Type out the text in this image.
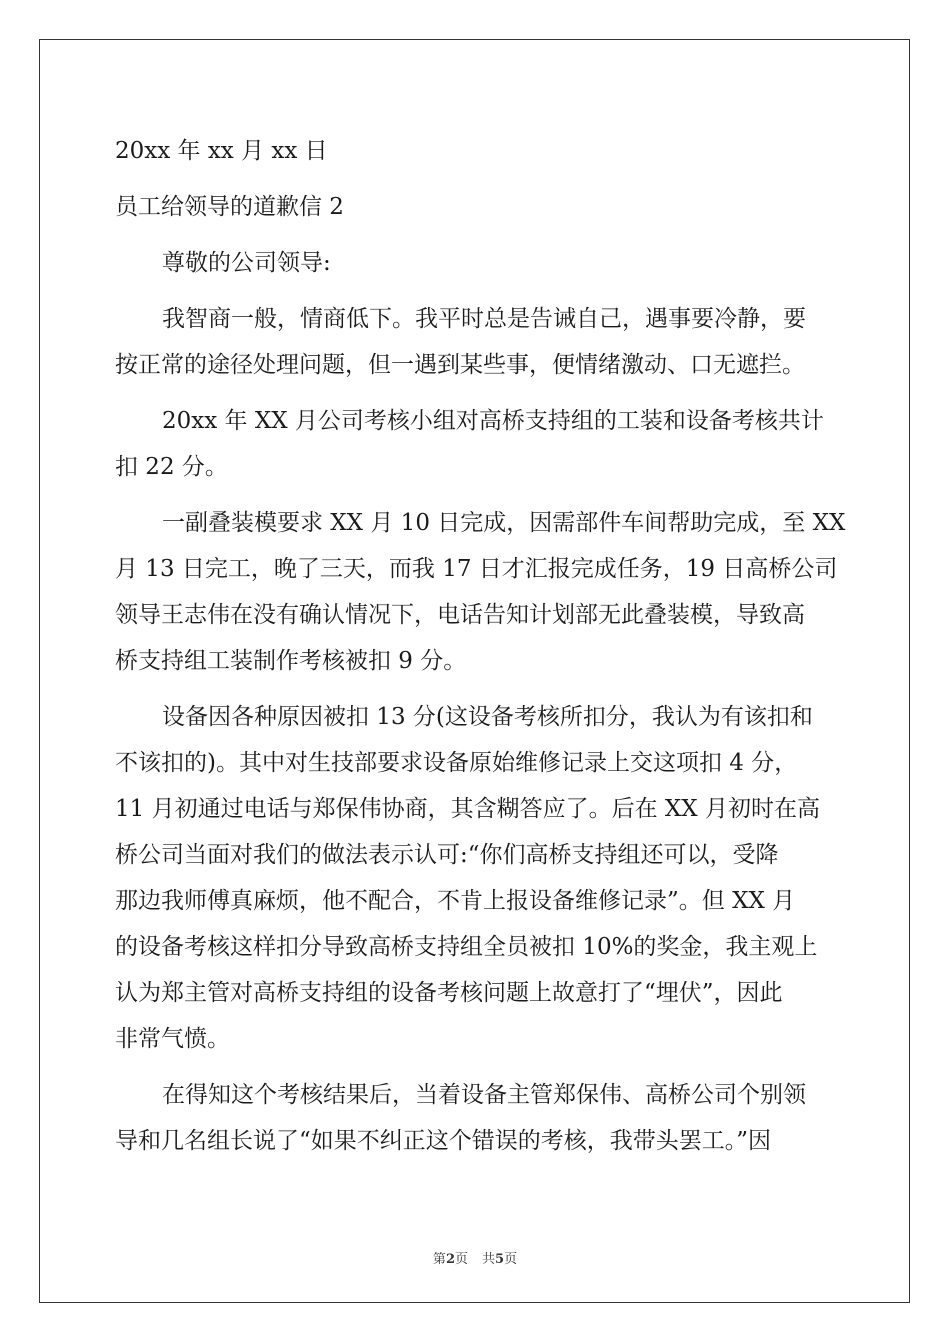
20xx 年 xx 月 xx 日

员工给领导的道歉信 2

尊敬的公司领导:

我智商一般，情商低下。我平时总是告诫自己，遇事要冷静，要
按正常的途径处理问题，但一遇到某些事，便情绪激动、口无遮拦。
20xx 年 XX 月公司考核小组对高桥支持组的工装和设备考核共计
扣 22 分。
一副叠装模要求 XX 月 10 日完成，因需部件车间帮助完成，至 XX
月 13 日完工，晚了三天，而我 17 日才汇报完成任务，19 日高桥公司
领导王志伟在没有确认情况下，电话告知计划部无此叠装模，导致高
桥支持组工装制作考核被扣 9 分。
设备因各种原因被扣 13 分(这设备考核所扣分，我认为有该扣和
不该扣的)。其中对生技部要求设备原始维修记录上交这项扣 4 分，
11 月初通过电话与郑保伟协商，其含糊答应了。后在 XX 月初时在高
桥公司当面对我们的做法表示认可:“你们高桥支持组还可以，受降
那边我师傅真麻烦，他不配合，不肯上报设备维修记录”。但 XX 月
的设备考核这样扣分导致高桥支持组全员被扣 10%的奖金，我主观上
认为郑主管对高桥支持组的设备考核问题上故意打了“埋伏”，因此
非常气愤。
在得知这个考核结果后，当着设备主管郑保伟、高桥公司个别领
导和几名组长说了“如果不纠正这个错误的考核，我带头罢工。”因
第2页 共5页
